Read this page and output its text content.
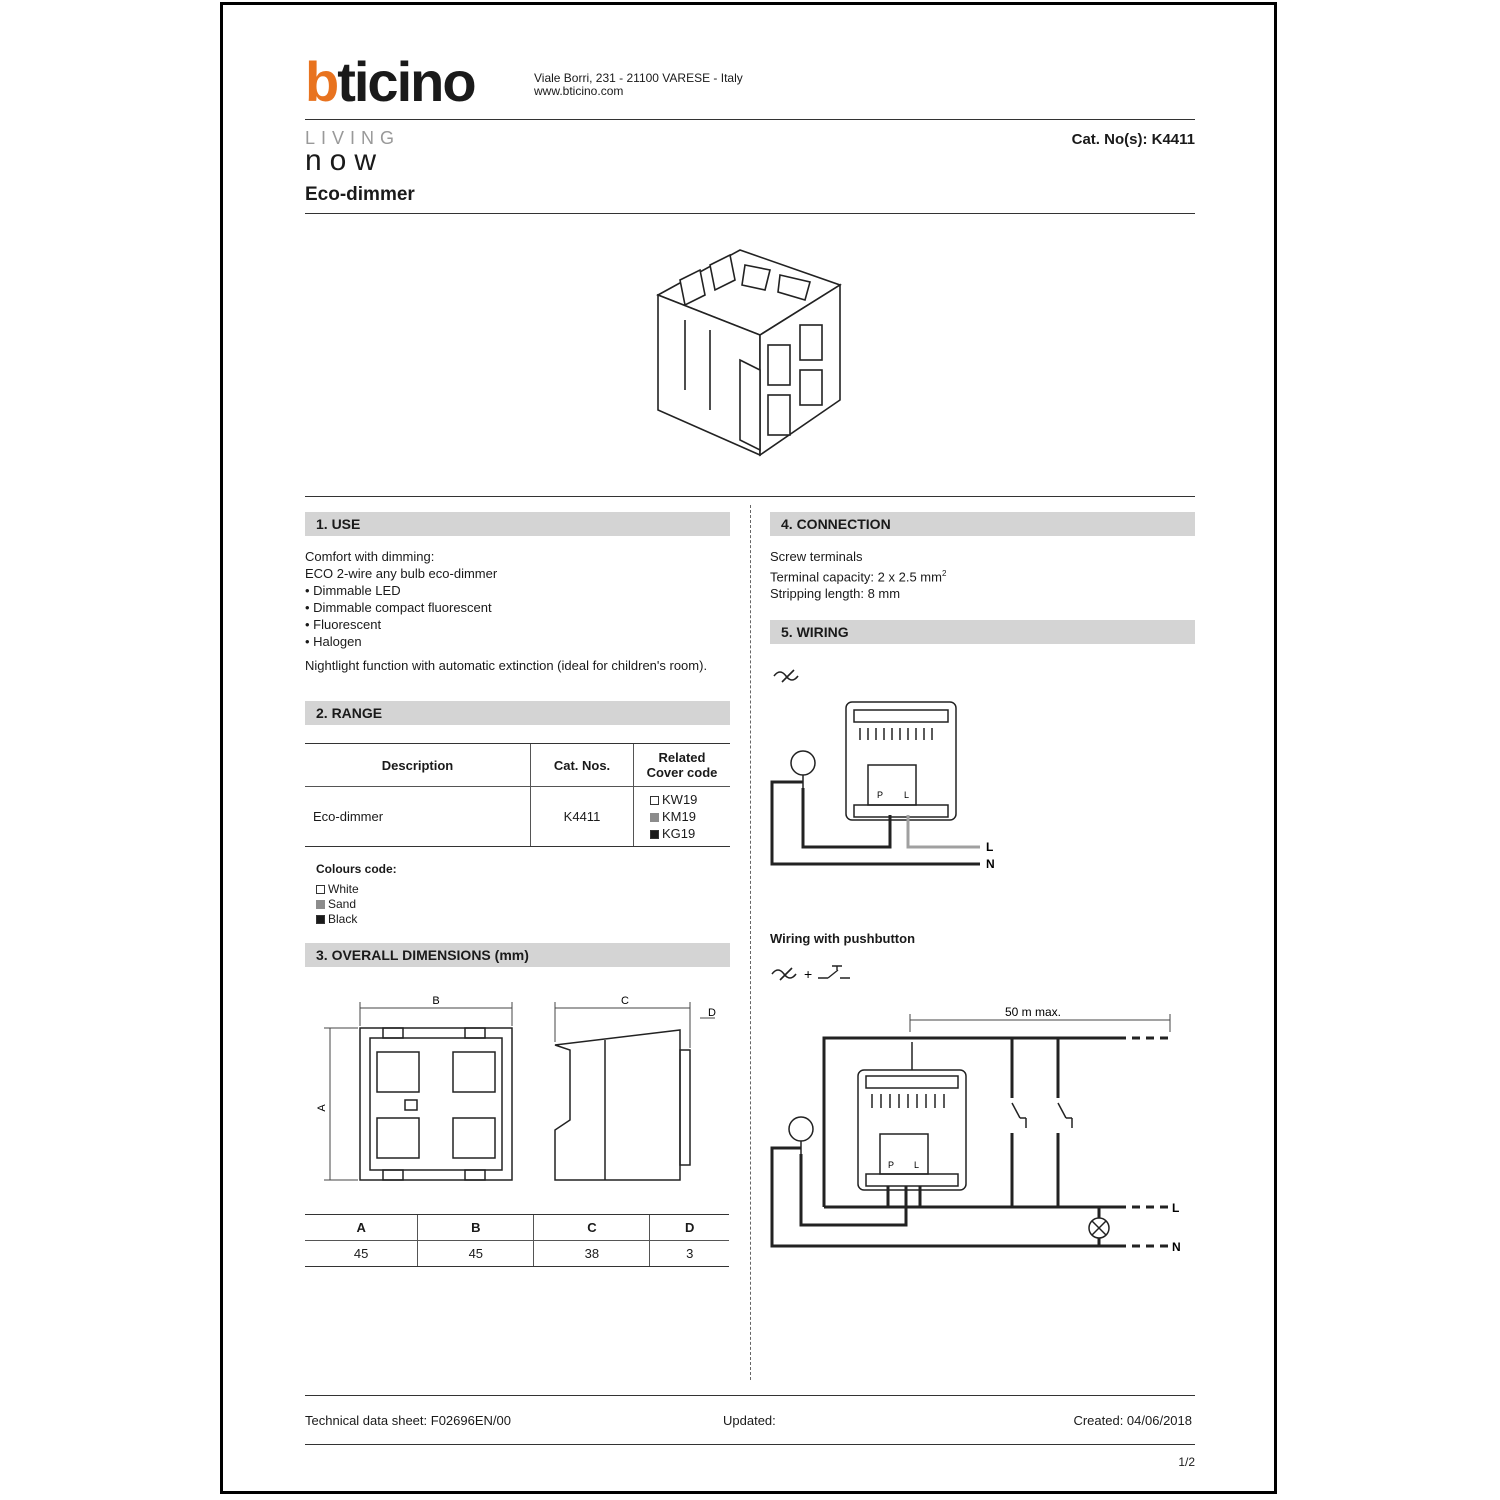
bticino	Viale Borri, 231 - 21100 VARESE - Italy
www.bticino.com
LIVING
now
Eco-dimmer
Cat. No(s): K4411
1. USE
Comfort with dimming:
ECO 2-wire any bulb eco-dimmer
• Dimmable LED
• Dimmable compact fluorescent
• Fluorescent
• Halogen
Nightlight function with automatic extinction (ideal for children's room).
2. RANGE
Description	Cat. Nos.	Related
Cover code

Eco-dimmer	K4411	KW19
KM19
KG19
Colours code:
White
Sand
Black
3. OVERALL DIMENSIONS (mm)
B
A
C
D
A	B	C	D
45	45	38	3
4. CONNECTION
Screw terminals
Terminal capacity: 2 x 2.5 $mm^2$
Stripping length: 8 mm
5. WIRING
P L
L
N
Wiring with pushbutton
+
50 m max.
P L
L
N
Technical data sheet: F02696EN/00	Updated:	Created: 04/06/2018
1/2
